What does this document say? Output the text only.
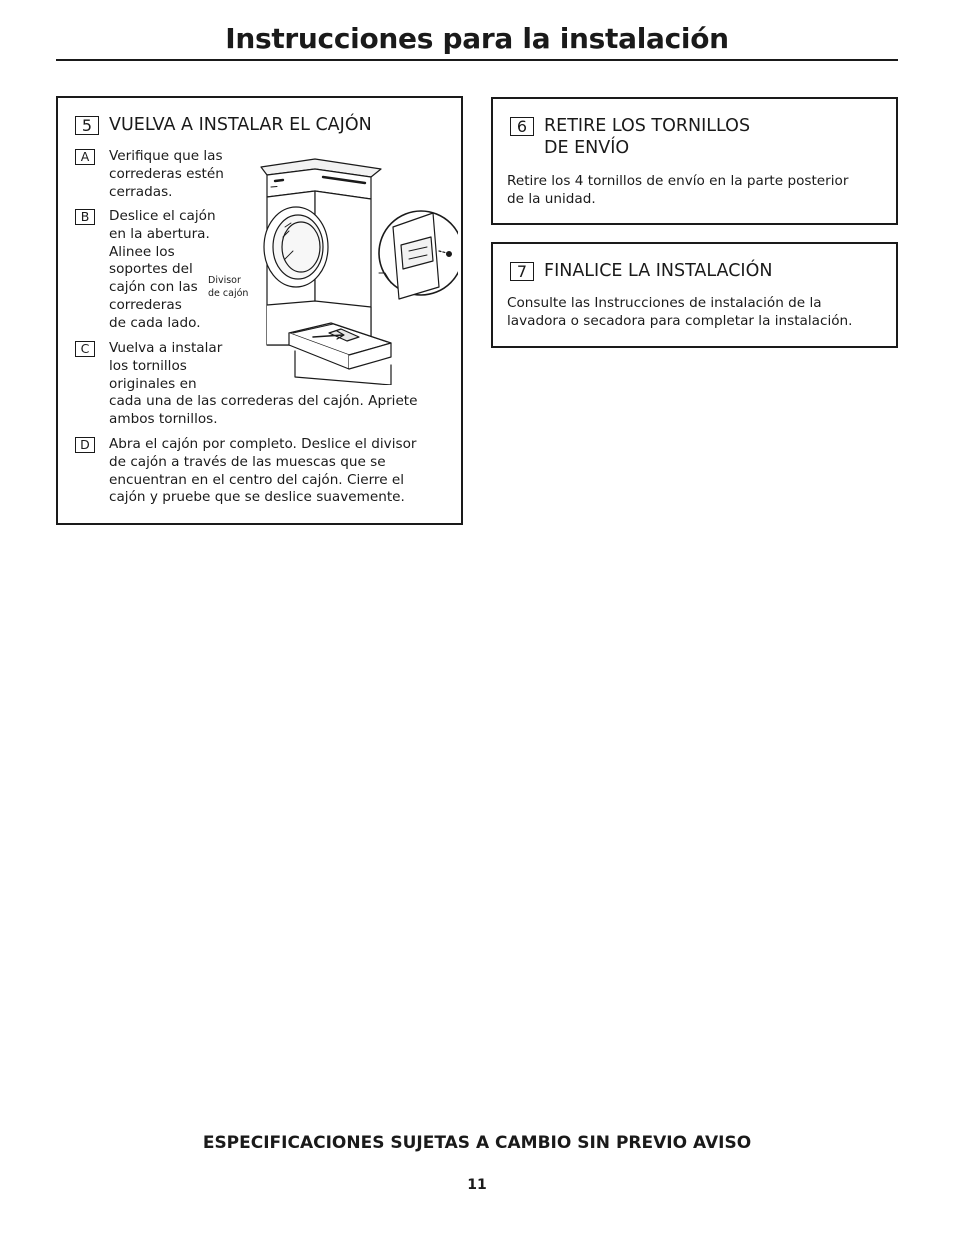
Instrucciones para la instalación
5 VUELVA A INSTALAR EL CAJÓN
A	Verifique que las
correderas estén
cerradas.
B	Deslice el cajón
en la abertura.
Alinee los
soportes del
cajón con las
correderas
de cada lado.
C	Vuelva a instalar
los tornillos
originales en
cada una de las correderas del cajón. Apriete
ambos tornillos.
D	Abra el cajón por completo. Deslice el divisor
de cajón a través de las muescas que se
encuentran en el centro del cajón. Cierre el
cajón y pruebe que se deslice suavemente.
Divisor
de cajón
6 RETIRE LOS TORNILLOS
DE ENVÍO
Retire los 4 tornillos de envío en la parte posterior
de la unidad.
7 FINALICE LA INSTALACIÓN
Consulte las Instrucciones de instalación de la
lavadora o secadora para completar la instalación.
ESPECIFICACIONES SUJETAS A CAMBIO SIN PREVIO AVISO
11
